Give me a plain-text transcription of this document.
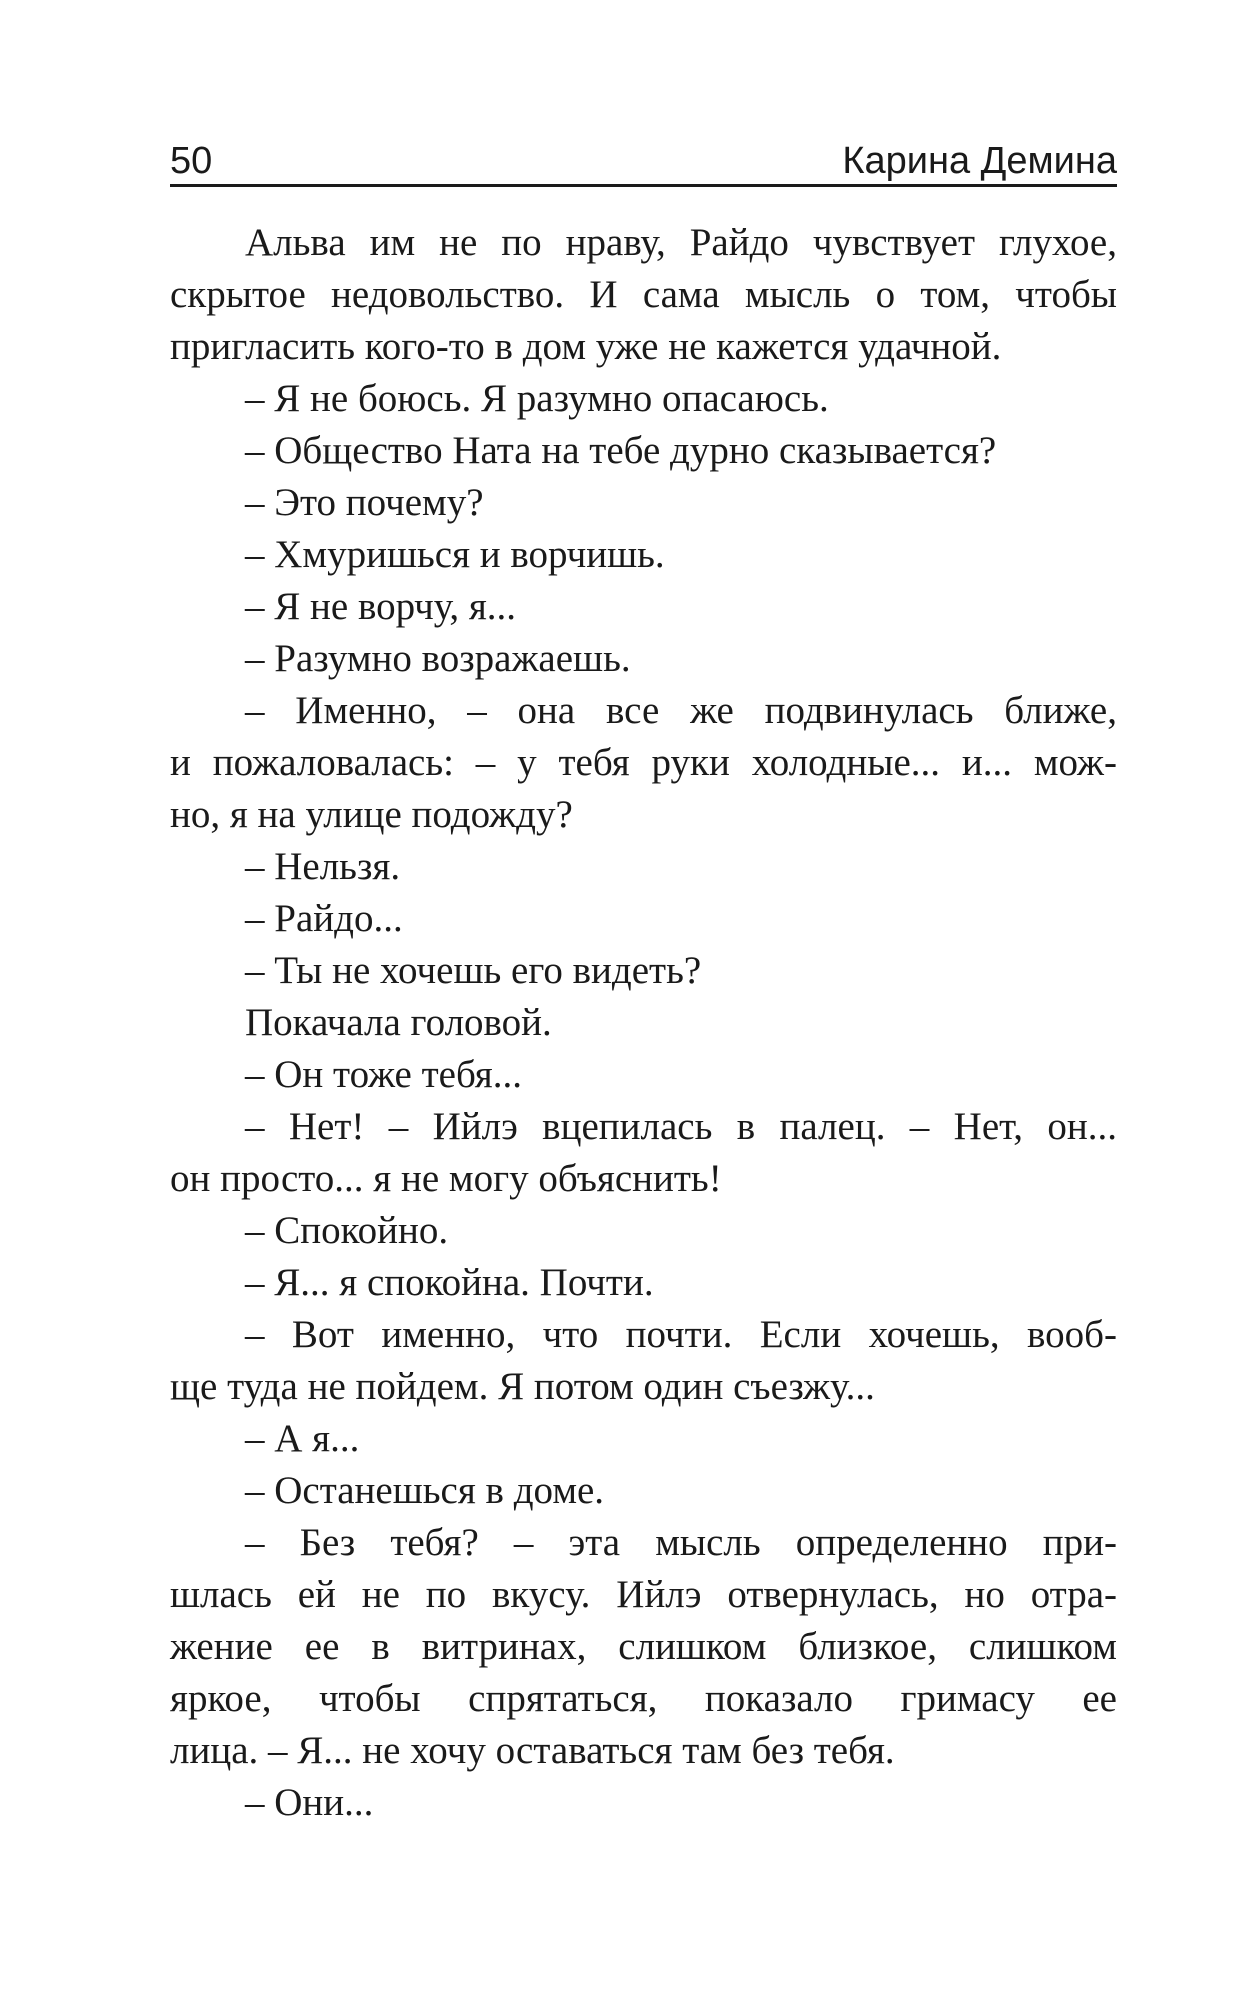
50	Карина Демина
Альва им не по нраву, Райдо чувствует глухое,
скрытое недовольство. И сама мысль о том, чтобы
пригласить кого-то в дом уже не кажется удачной.
– Я не боюсь. Я разумно опасаюсь.
– Общество Ната на тебе дурно сказывается?
– Это почему?
– Хмуришься и ворчишь.
– Я не ворчу, я...
– Разумно возражаешь.
– Именно, – она все же подвинулась ближе,
и пожаловалась: – у тебя руки холодные... и... мож-
но, я на улице подожду?
– Нельзя.
– Райдо...
– Ты не хочешь его видеть?
Покачала головой.
– Он тоже тебя...
– Нет! – Ийлэ вцепилась в палец. – Нет, он...
он просто... я не могу объяснить!
– Спокойно.
– Я... я спокойна. Почти.
– Вот именно, что почти. Если хочешь, вооб-
ще туда не пойдем. Я потом один съезжу...
– А я...
– Останешься в доме.
– Без тебя? – эта мысль определенно при-
шлась ей не по вкусу. Ийлэ отвернулась, но отра-
жение ее в витринах, слишком близкое, слишком
яркое, чтобы спрятаться, показало гримасу ее
лица. – Я... не хочу оставаться там без тебя.
– Они...
